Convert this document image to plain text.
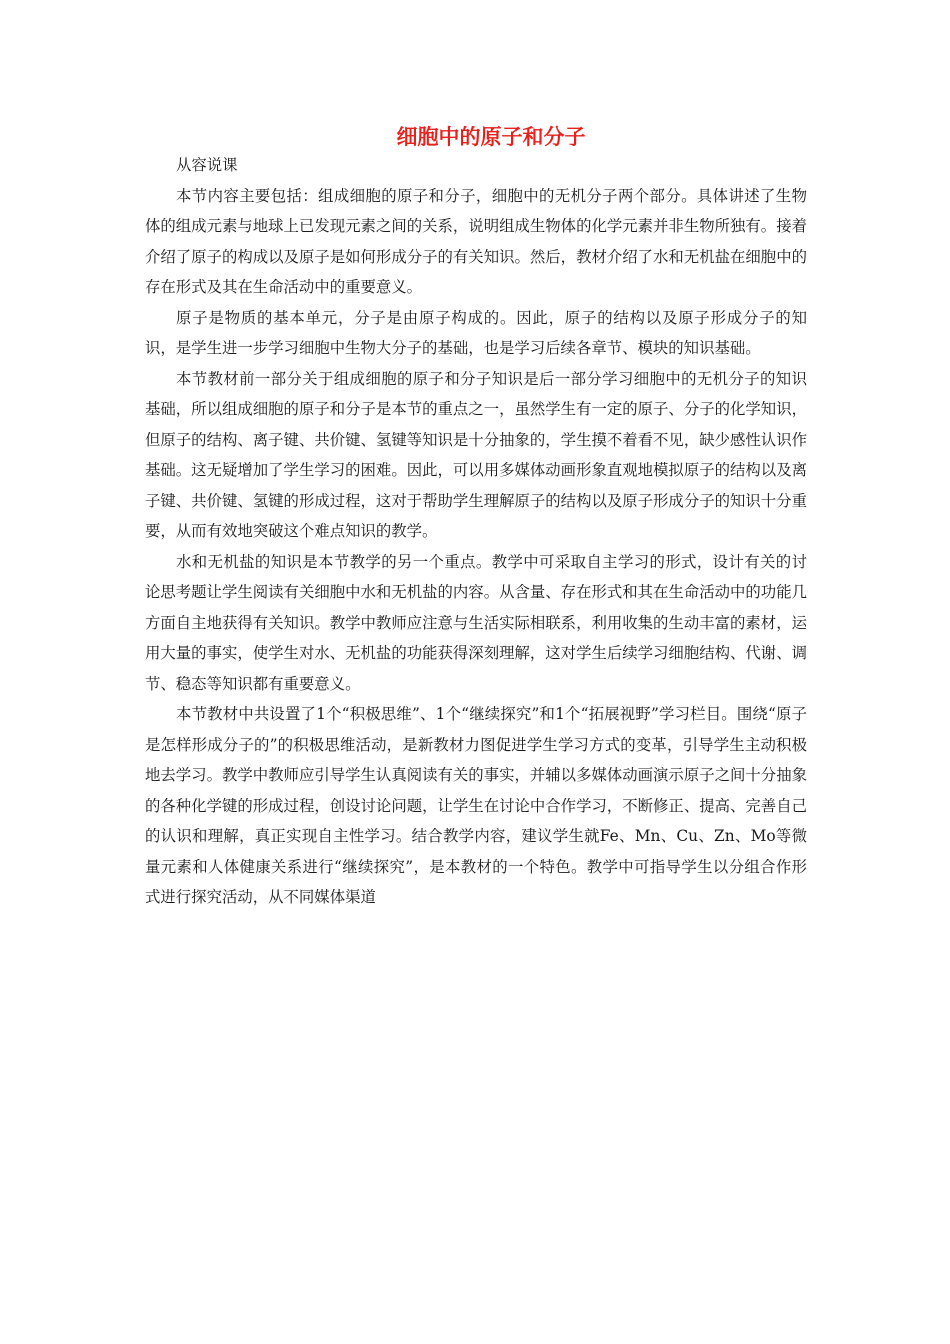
细胞中的原子和分子

从容说课

本节内容主要包括：组成细胞的原子和分子，细胞中的无机分子两个部分。具体讲述了生物体的组成元素与地球上已发现元素之间的关系，说明组成生物体的化学元素并非生物所独有。接着介绍了原子的构成以及原子是如何形成分子的有关知识。然后，教材介绍了水和无机盐在细胞中的存在形式及其在生命活动中的重要意义。

原子是物质的基本单元，分子是由原子构成的。因此，原子的结构以及原子形成分子的知识，是学生进一步学习细胞中生物大分子的基础，也是学习后续各章节、模块的知识基础。

本节教材前一部分关于组成细胞的原子和分子知识是后一部分学习细胞中的无机分子的知识基础，所以组成细胞的原子和分子是本节的重点之一，虽然学生有一定的原子、分子的化学知识，但原子的结构、离子键、共价键、氢键等知识是十分抽象的，学生摸不着看不见，缺少感性认识作基础。这无疑增加了学生学习的困难。因此，可以用多媒体动画形象直观地模拟原子的结构以及离子键、共价键、氢键的形成过程，这对于帮助学生理解原子的结构以及原子形成分子的知识十分重要，从而有效地突破这个难点知识的教学。

水和无机盐的知识是本节教学的另一个重点。教学中可采取自主学习的形式，设计有关的讨论思考题让学生阅读有关细胞中水和无机盐的内容。从含量、存在形式和其在生命活动中的功能几方面自主地获得有关知识。教学中教师应注意与生活实际相联系，利用收集的生动丰富的素材，运用大量的事实，使学生对水、无机盐的功能获得深刻理解，这对学生后续学习细胞结构、代谢、调节、稳态等知识都有重要意义。

本节教材中共设置了1个“积极思维”、1个“继续探究”和1个“拓展视野”学习栏目。围绕“原子是怎样形成分子的”的积极思维活动，是新教材力图促进学生学习方式的变革，引导学生主动积极地去学习。教学中教师应引导学生认真阅读有关的事实，并辅以多媒体动画演示原子之间十分抽象的各种化学键的形成过程，创设讨论问题，让学生在讨论中合作学习，不断修正、提高、完善自己的认识和理解，真正实现自主性学习。结合教学内容，建议学生就Fe、Mn、Cu、Zn、Mo等微量元素和人体健康关系进行“继续探究”，是本教材的一个特色。教学中可指导学生以分组合作形式进行探究活动，从不同媒体渠道
